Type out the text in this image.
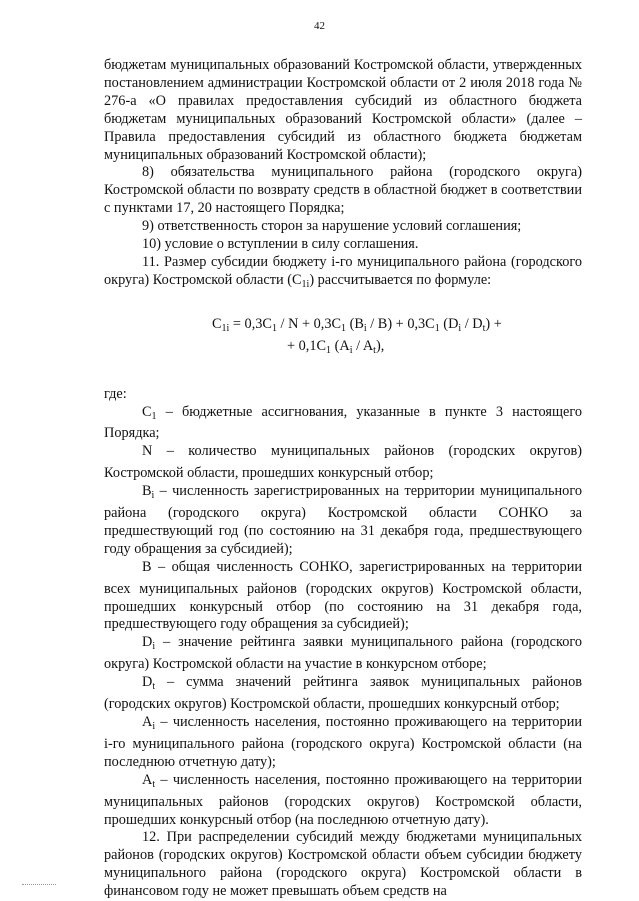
42

бюджетам муниципальных образований Костромской области, утвержденных постановлением администрации Костромской области от 2 июля 2018 года № 276-а «О правилах предоставления субсидий из областного бюджета бюджетам муниципальных образований Костромской области» (далее – Правила предоставления субсидий из областного бюджета бюджетам муниципальных образований Костромской области);

8) обязательства муниципального района (городского округа) Костромской области по возврату средств в областной бюджет в соответствии с пунктами 17, 20 настоящего Порядка;

9) ответственность сторон за нарушение условий соглашения;

10) условие о вступлении в силу соглашения.

11. Размер субсидии бюджету i-го муниципального района (городского округа) Костромской области $(C_{1i})$ рассчитывается по формуле:

$C_{1i} = 0,3C_1 / N + 0,3C_1$ $(B_i / B) + 0,3C_1$ $(D_i / D_t)$ +
+ $0,1C_1$ $(A_i / A_t)$,

где:

$C_1$ – бюджетные ассигнования, указанные в пункте 3 настоящего Порядка;

N – количество муниципальных районов (городских округов) Костромской области, прошедших конкурсный отбор;

$B_i$ – численность зарегистрированных на территории муниципального района (городского округа) Костромской области СОНКО за предшествующий год (по состоянию на 31 декабря года, предшествующего году обращения за субсидией);

B – общая численность СОНКО, зарегистрированных на территории всех муниципальных районов (городских округов) Костромской области, прошедших конкурсный отбор (по состоянию на 31 декабря года, предшествующего году обращения за субсидией);

$D_i$ – значение рейтинга заявки муниципального района (городского округа) Костромской области на участие в конкурсном отборе;

$D_t$ – сумма значений рейтинга заявок муниципальных районов (городских округов) Костромской области, прошедших конкурсный отбор;

$A_i$ – численность населения, постоянно проживающего на территории i-го муниципального района (городского округа) Костромской области (на последнюю отчетную дату);

$A_t$ – численность населения, постоянно проживающего на территории муниципальных районов (городских округов) Костромской области, прошедших конкурсный отбор (на последнюю отчетную дату).

12. При распределении субсидий между бюджетами муниципальных районов (городских округов) Костромской области объем субсидии бюджету муниципального района (городского округа) Костромской области в финансовом году не может превышать объем средств на
